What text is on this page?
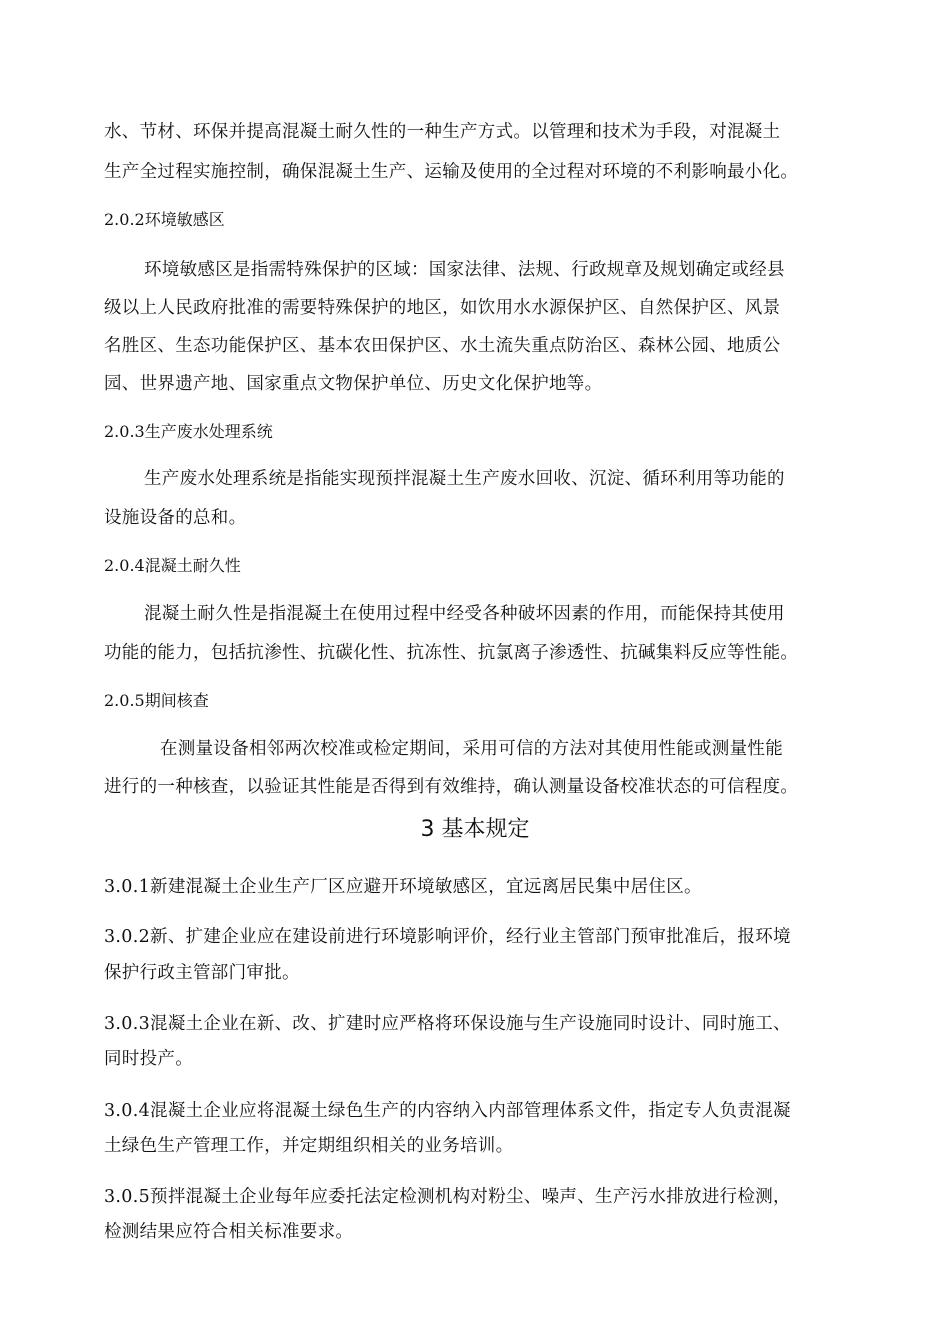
水、节材、环保并提高混凝土耐久性的一种生产方式。以管理和技术为手段，对混凝土
生产全过程实施控制，确保混凝土生产、运输及使用的全过程对环境的不利影响最小化。
2.0.2环境敏感区
环境敏感区是指需特殊保护的区域：国家法律、法规、行政规章及规划确定或经县
级以上人民政府批准的需要特殊保护的地区，如饮用水水源保护区、自然保护区、风景
名胜区、生态功能保护区、基本农田保护区、水土流失重点防治区、森林公园、地质公
园、世界遗产地、国家重点文物保护单位、历史文化保护地等。
2.0.3生产废水处理系统
生产废水处理系统是指能实现预拌混凝土生产废水回收、沉淀、循环利用等功能的
设施设备的总和。
2.0.4混凝土耐久性
混凝土耐久性是指混凝土在使用过程中经受各种破坏因素的作用，而能保持其使用
功能的能力，包括抗渗性、抗碳化性、抗冻性、抗氯离子渗透性、抗碱集料反应等性能。
2.0.5期间核查
在测量设备相邻两次校准或检定期间，采用可信的方法对其使用性能或测量性能
进行的一种核查，以验证其性能是否得到有效维持，确认测量设备校准状态的可信程度。
3 基本规定
3.0.1新建混凝土企业生产厂区应避开环境敏感区，宜远离居民集中居住区。
3.0.2新、扩建企业应在建设前进行环境影响评价，经行业主管部门预审批准后，报环境
保护行政主管部门审批。
3.0.3混凝土企业在新、改、扩建时应严格将环保设施与生产设施同时设计、同时施工、
同时投产。
3.0.4混凝土企业应将混凝土绿色生产的内容纳入内部管理体系文件，指定专人负责混凝
土绿色生产管理工作，并定期组织相关的业务培训。
3.0.5预拌混凝土企业每年应委托法定检测机构对粉尘、噪声、生产污水排放进行检测，
检测结果应符合相关标准要求。
